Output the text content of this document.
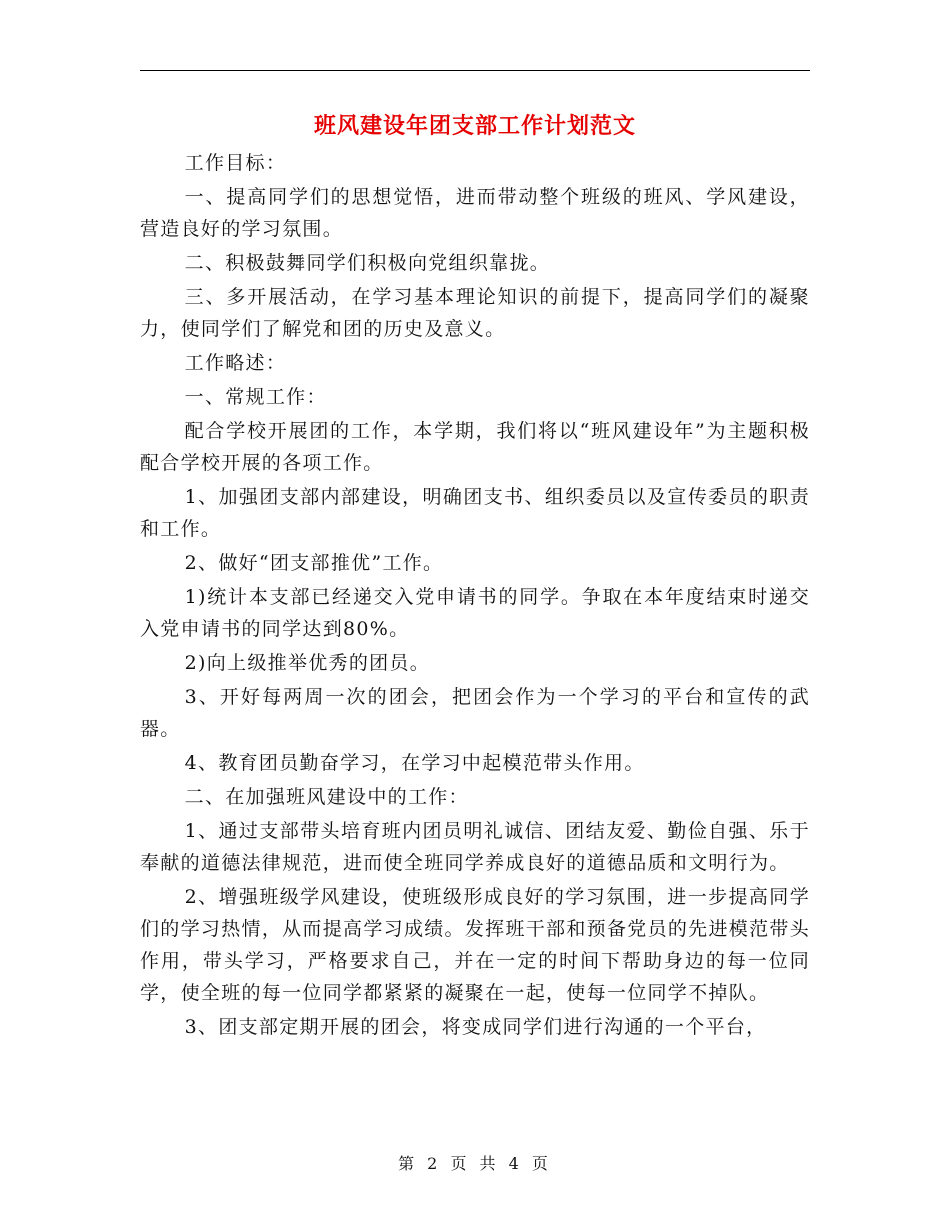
班风建设年团支部工作计划范文

工作目标：

一、提高同学们的思想觉悟，进而带动整个班级的班风、学风建设，营造良好的学习氛围。

二、积极鼓舞同学们积极向党组织靠拢。

三、多开展活动，在学习基本理论知识的前提下，提高同学们的凝聚力，使同学们了解党和团的历史及意义。

工作略述：

一、常规工作：

配合学校开展团的工作，本学期，我们将以“班风建设年”为主题积极配合学校开展的各项工作。

1、加强团支部内部建设，明确团支书、组织委员以及宣传委员的职责和工作。

2、做好“团支部推优”工作。

1)统计本支部已经递交入党申请书的同学。争取在本年度结束时递交入党申请书的同学达到80%。

2)向上级推举优秀的团员。

3、开好每两周一次的团会，把团会作为一个学习的平台和宣传的武器。

4、教育团员勤奋学习，在学习中起模范带头作用。

二、在加强班风建设中的工作：

1、通过支部带头培育班内团员明礼诚信、团结友爱、勤俭自强、乐于奉献的道德法律规范，进而使全班同学养成良好的道德品质和文明行为。

2、增强班级学风建设，使班级形成良好的学习氛围，进一步提高同学们的学习热情，从而提高学习成绩。发挥班干部和预备党员的先进模范带头作用，带头学习，严格要求自己，并在一定的时间下帮助身边的每一位同学，使全班的每一位同学都紧紧的凝聚在一起，使每一位同学不掉队。

3、团支部定期开展的团会，将变成同学们进行沟通的一个平台，

第 2 页 共 4 页
